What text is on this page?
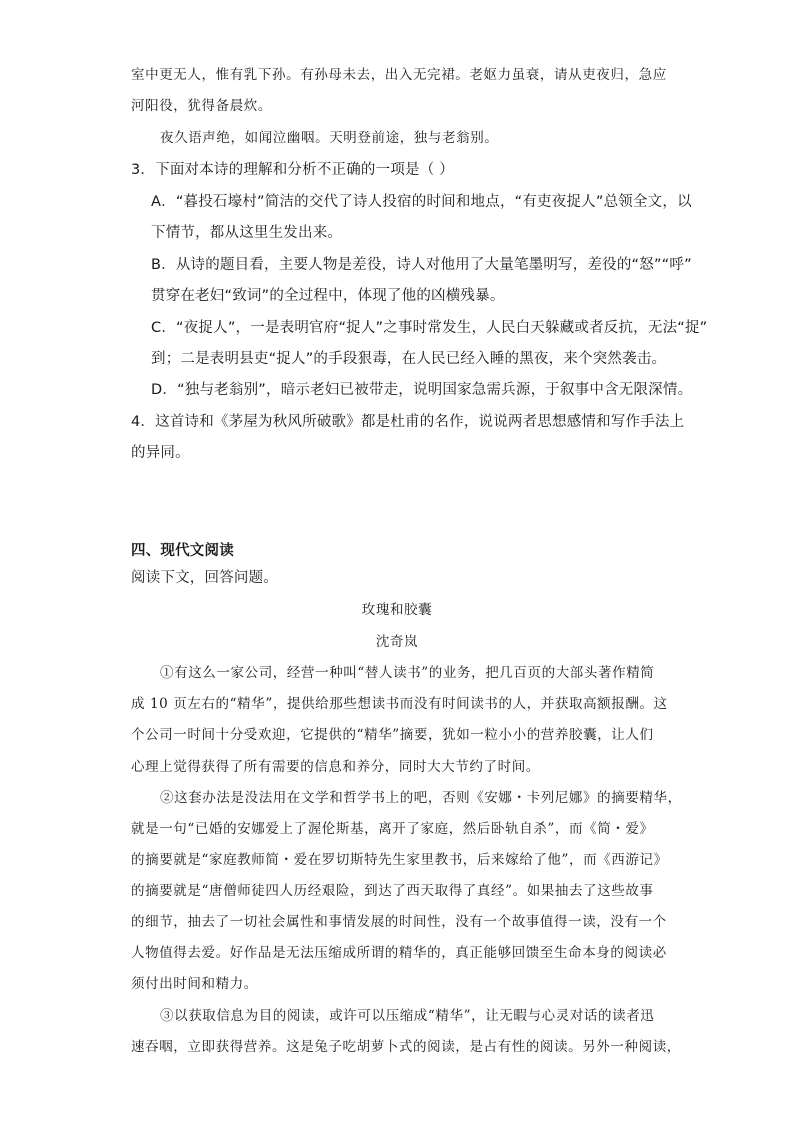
室中更无人，惟有乳下孙。有孙母未去，出入无完裙。老妪力虽衰，请从吏夜归，急应
河阳役，犹得备晨炊。
夜久语声绝，如闻泣幽咽。天明登前途，独与老翁别。
3．下面对本诗的理解和分析不正确的一项是（ ）
A．“暮投石壕村”简洁的交代了诗人投宿的时间和地点，“有吏夜捉人”总领全文，以
下情节，都从这里生发出来。
B．从诗的题目看，主要人物是差役，诗人对他用了大量笔墨明写，差役的“怒”“呼”
贯穿在老妇“致词”的全过程中，体现了他的凶横残暴。
C．“夜捉人”，一是表明官府“捉人”之事时常发生，人民白天躲藏或者反抗，无法“捉”
到；二是表明县吏“捉人”的手段狠毒，在人民已经入睡的黑夜，来个突然袭击。
D．“独与老翁别”，暗示老妇已被带走，说明国家急需兵源，于叙事中含无限深情。
4．这首诗和《茅屋为秋风所破歌》都是杜甫的名作，说说两者思想感情和写作手法上
的异同。
四、现代文阅读
阅读下文，回答问题。
玫瑰和胶囊
沈奇岚
①有这么一家公司，经营一种叫“替人读书”的业务，把几百页的大部头著作精简
成 10 页左右的“精华”，提供给那些想读书而没有时间读书的人，并获取高额报酬。这
个公司一时间十分受欢迎，它提供的“精华”摘要，犹如一粒小小的营养胶囊，让人们
心理上觉得获得了所有需要的信息和养分，同时大大节约了时间。
②这套办法是没法用在文学和哲学书上的吧，否则《安娜・卡列尼娜》的摘要精华，
就是一句“已婚的安娜爱上了渥伦斯基，离开了家庭，然后卧轨自杀”，而《简・爱》
的摘要就是“家庭教师简・爱在罗切斯特先生家里教书，后来嫁给了他”，而《西游记》
的摘要就是“唐僧师徒四人历经艰险，到达了西天取得了真经”。如果抽去了这些故事
的细节，抽去了一切社会属性和事情发展的时间性，没有一个故事值得一读，没有一个
人物值得去爱。好作品是无法压缩成所谓的精华的，真正能够回馈至生命本身的阅读必
须付出时间和精力。
③以获取信息为目的阅读，或许可以压缩成“精华”，让无暇与心灵对话的读者迅
速吞咽，立即获得营养。这是兔子吃胡萝卜式的阅读，是占有性的阅读。另外一种阅读，
